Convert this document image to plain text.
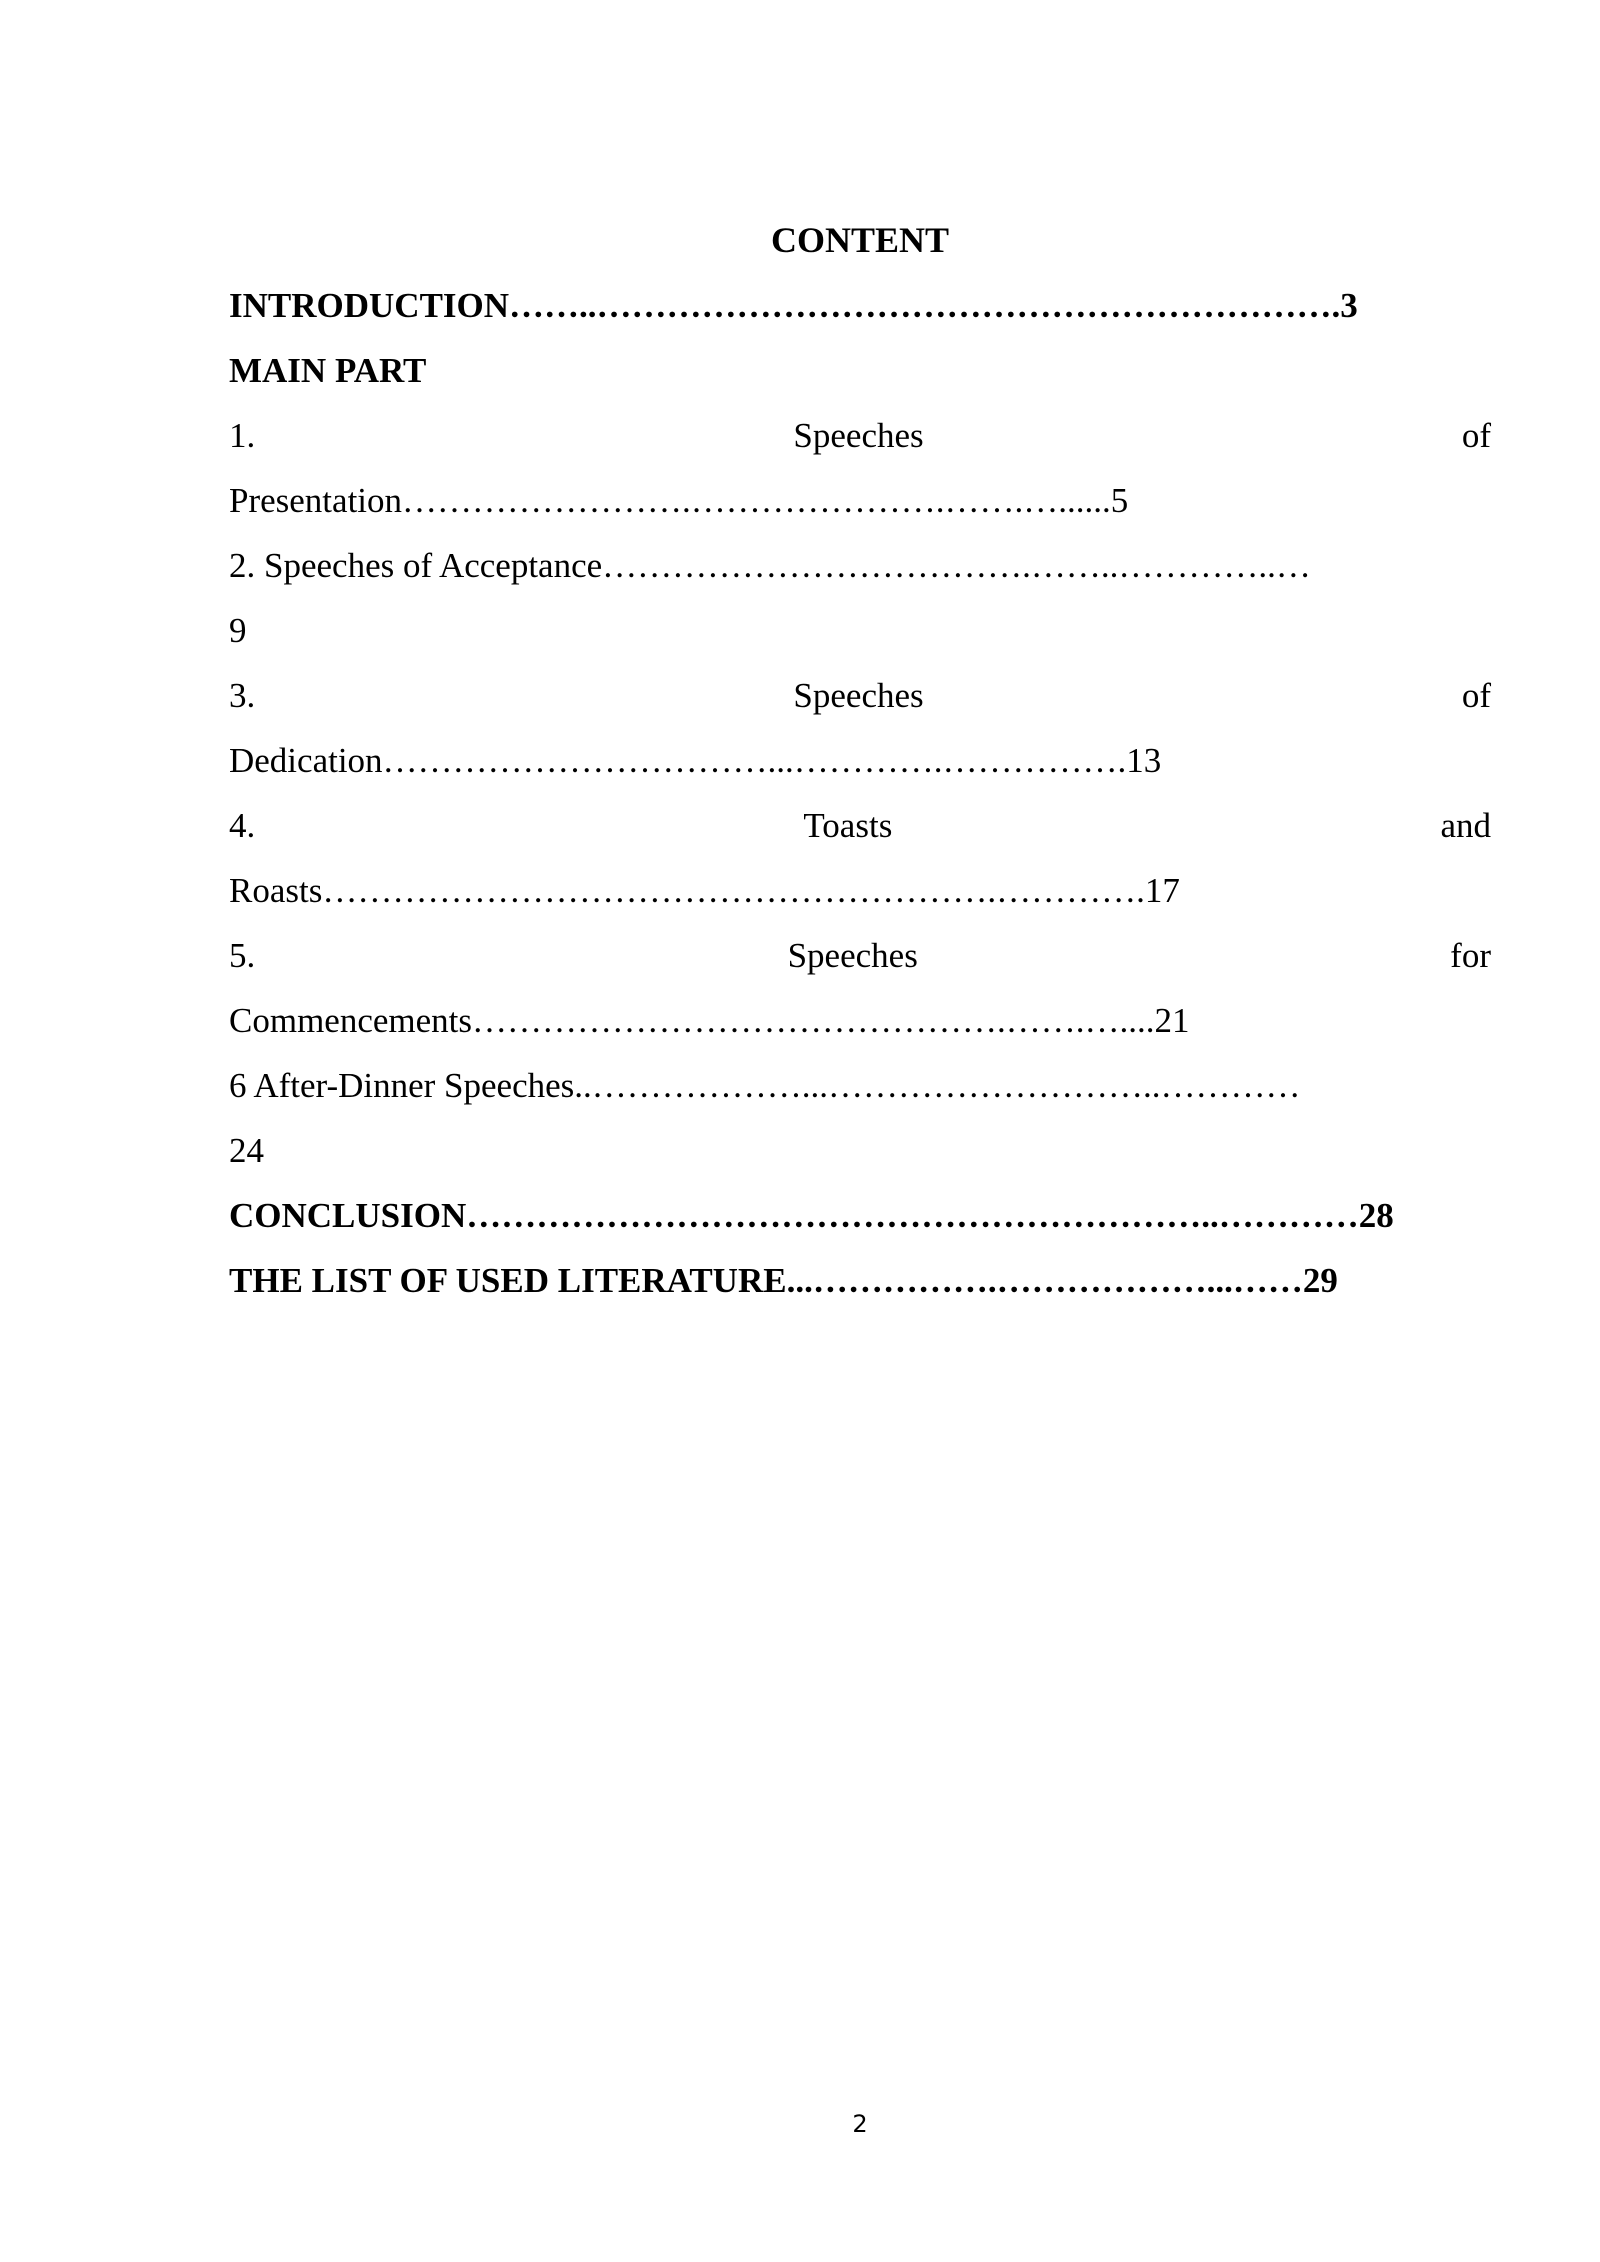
CONTENT
INTRODUCTION……..……………………………………………………….3
MAIN PART
1.	Speeches	of
Presentation…………………….………………….…….…......5
2. Speeches of Acceptance……………………………….……..…………..…
9
3.	Speeches	of
Dedication……………………………...………….…………….13
4.	Toasts	and
Roasts………………………………………………….………….17
5.	Speeches	for
Commencements……………………………………….…….…....21
6 After-Dinner Speeches..………………...………………………..…………
24
CONCLUSION………………………………………………………..…………28
THE LIST OF USED LITERATURE...…………….………………...……29
2
